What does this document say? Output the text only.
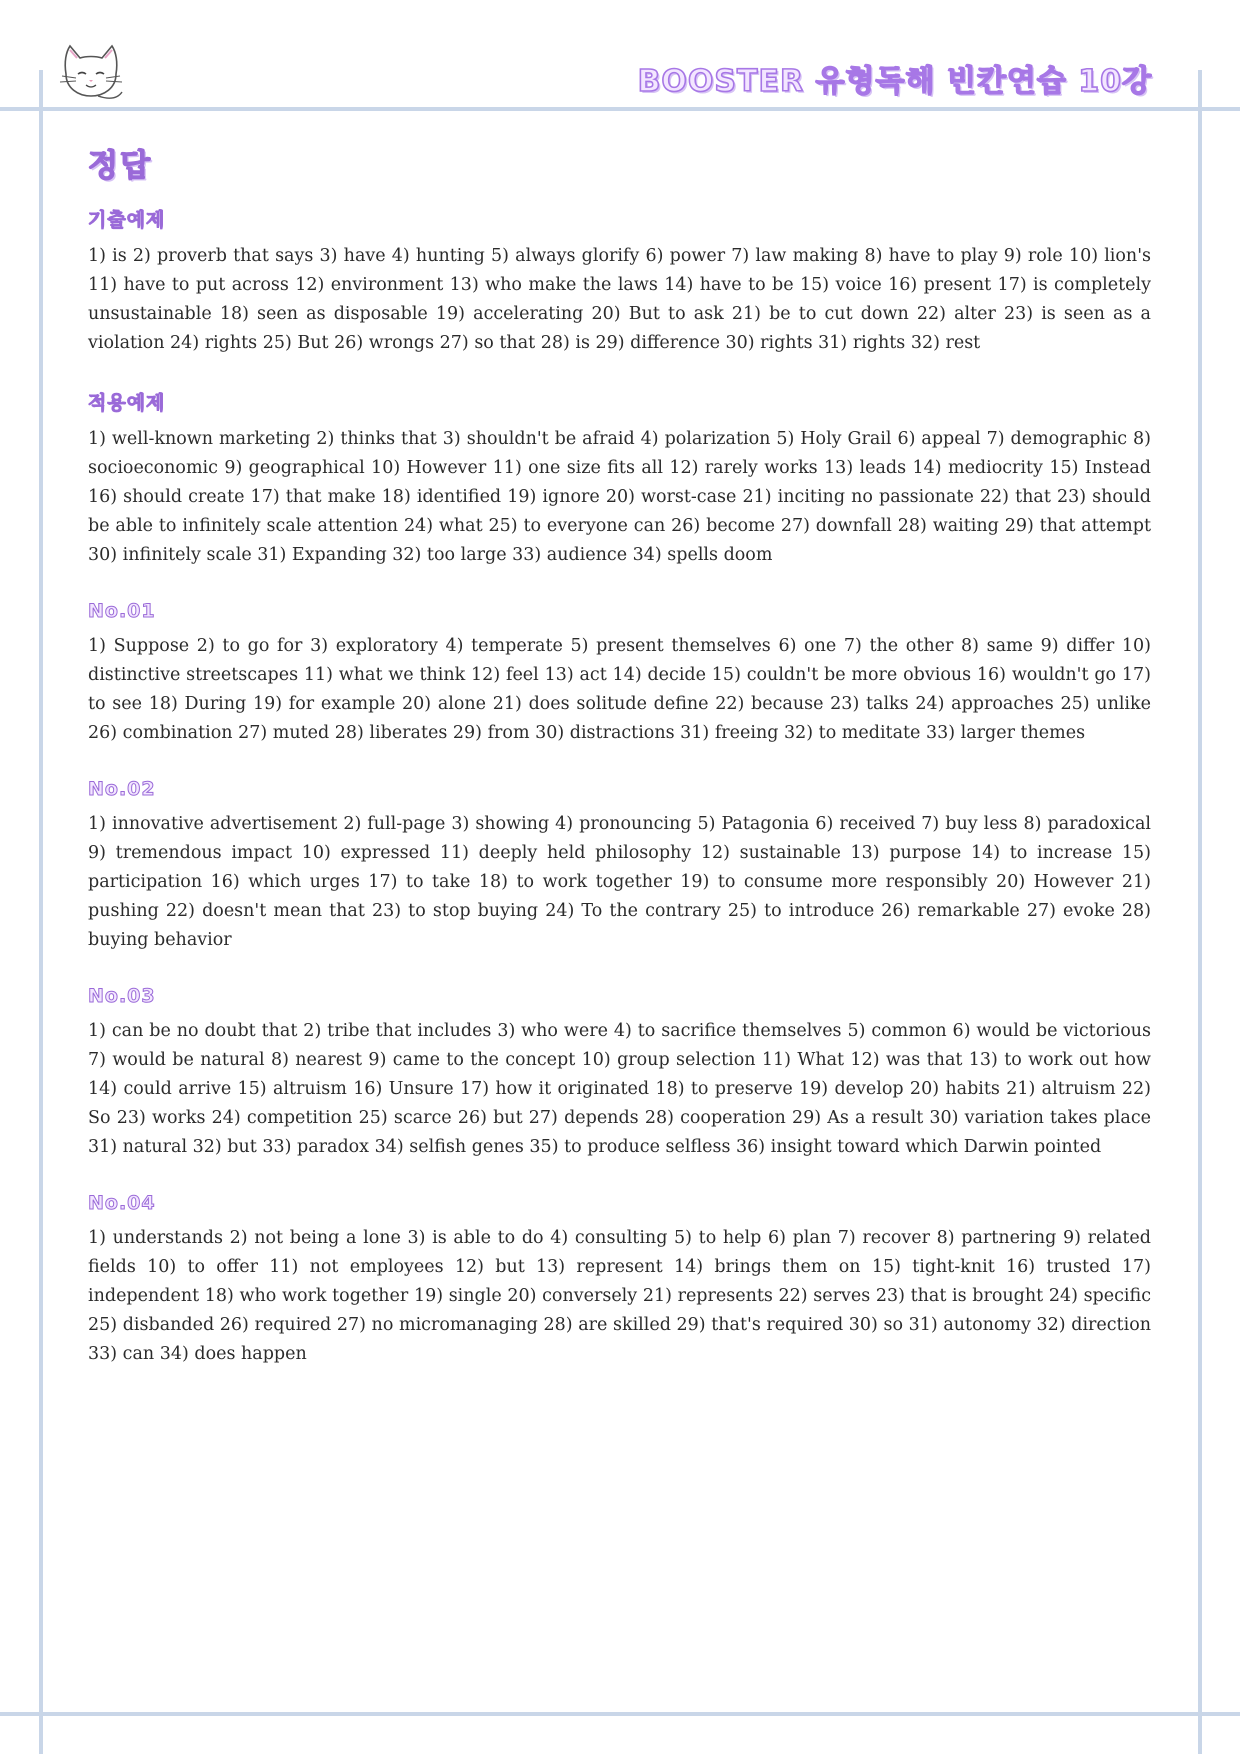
BOOSTER 유형독해 빈칸연습 10강
정답
기출예제

1) is 2) proverb that says 3) have 4) hunting 5) always glorify 6) power 7) law making 8) have to play 9) role 10) lion's 11) have to put across 12) environment 13) who make the laws 14) have to be 15) voice 16) present 17) is completely unsustainable 18) seen as disposable 19) accelerating 20) But to ask 21) be to cut down 22) alter 23) is seen as a violation 24) rights 25) But 26) wrongs 27) so that 28) is 29) difference 30) rights 31) rights 32) rest

적용예제

1) well-known marketing 2) thinks that 3) shouldn't be afraid 4) polarization 5) Holy Grail 6) appeal 7) demographic 8) socioeconomic 9) geographical 10) However 11) one size fits all 12) rarely works 13) leads 14) mediocrity 15) Instead 16) should create 17) that make 18) identified 19) ignore 20) worst-case 21) inciting no passionate 22) that 23) should be able to infinitely scale attention 24) what 25) to everyone can 26) become 27) downfall 28) waiting 29) that attempt 30) infinitely scale 31) Expanding 32) too large 33) audience 34) spells doom

No.01

1) Suppose 2) to go for 3) exploratory 4) temperate 5) present themselves 6) one 7) the other 8) same 9) differ 10) distinctive streetscapes 11) what we think 12) feel 13) act 14) decide 15) couldn't be more obvious 16) wouldn't go 17) to see 18) During 19) for example 20) alone 21) does solitude define 22) because 23) talks 24) approaches 25) unlike 26) combination 27) muted 28) liberates 29) from 30) distractions 31) freeing 32) to meditate 33) larger themes

No.02

1) innovative advertisement 2) full-page 3) showing 4) pronouncing 5) Patagonia 6) received 7) buy less 8) paradoxical 9) tremendous impact 10) expressed 11) deeply held philosophy 12) sustainable 13) purpose 14) to increase 15) participation 16) which urges 17) to take 18) to work together 19) to consume more responsibly 20) However 21) pushing 22) doesn't mean that 23) to stop buying 24) To the contrary 25) to introduce 26) remarkable 27) evoke 28) buying behavior

No.03

1) can be no doubt that 2) tribe that includes 3) who were 4) to sacrifice themselves 5) common 6) would be victorious 7) would be natural 8) nearest 9) came to the concept 10) group selection 11) What 12) was that 13) to work out how 14) could arrive 15) altruism 16) Unsure 17) how it originated 18) to preserve 19) develop 20) habits 21) altruism 22) So 23) works 24) competition 25) scarce 26) but 27) depends 28) cooperation 29) As a result 30) variation takes place 31) natural 32) but 33) paradox 34) selfish genes 35) to produce selfless 36) insight toward which Darwin pointed

No.04

1) understands 2) not being a lone 3) is able to do 4) consulting 5) to help 6) plan 7) recover 8) partnering 9) related fields 10) to offer 11) not employees 12) but 13) represent 14) brings them on 15) tight-knit 16) trusted 17) independent 18) who work together 19) single 20) conversely 21) represents 22) serves 23) that is brought 24) specific 25) disbanded 26) required 27) no micromanaging 28) are skilled 29) that's required 30) so 31) autonomy 32) direction 33) can 34) does happen
